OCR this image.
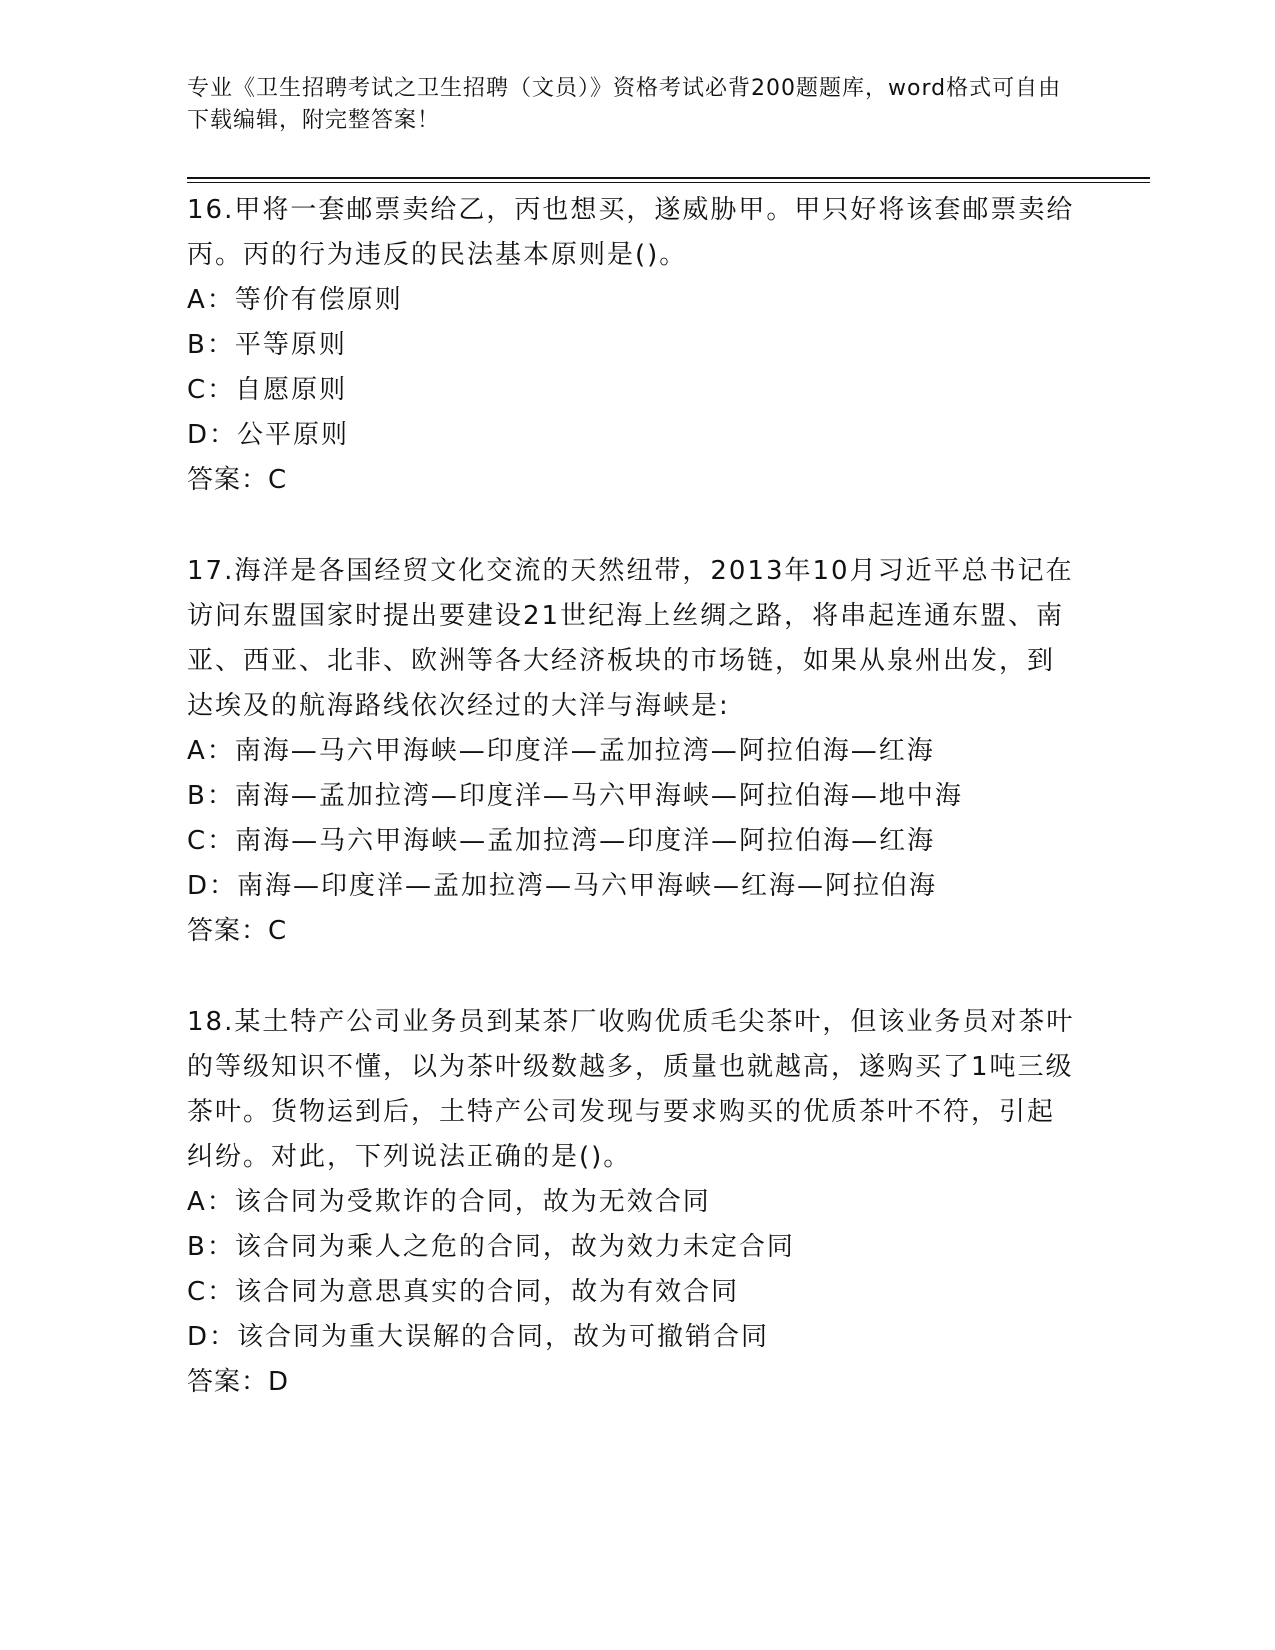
专业《卫生招聘考试之卫生招聘（文员）》资格考试必背200题题库，word格式可自由下载编辑，附完整答案！

16.甲将一套邮票卖给乙，丙也想买，遂威胁甲。甲只好将该套邮票卖给丙。丙的行为违反的民法基本原则是()。

A：等价有偿原则
B：平等原则
C：自愿原则
D：公平原则
答案：C

17.海洋是各国经贸文化交流的天然纽带，2013年10月习近平总书记在访问东盟国家时提出要建设21世纪海上丝绸之路，将串起连通东盟、南亚、西亚、北非、欧洲等各大经济板块的市场链，如果从泉州出发，到达埃及的航海路线依次经过的大洋与海峡是:

A：南海—马六甲海峡—印度洋—孟加拉湾—阿拉伯海—红海
B：南海—孟加拉湾—印度洋—马六甲海峡—阿拉伯海—地中海
C：南海—马六甲海峡—孟加拉湾—印度洋—阿拉伯海—红海
D：南海—印度洋—孟加拉湾—马六甲海峡—红海—阿拉伯海
答案：C

18.某土特产公司业务员到某茶厂收购优质毛尖茶叶，但该业务员对茶叶的等级知识不懂，以为茶叶级数越多，质量也就越高，遂购买了1吨三级茶叶。货物运到后，土特产公司发现与要求购买的优质茶叶不符，引起纠纷。对此，下列说法正确的是()。

A：该合同为受欺诈的合同，故为无效合同
B：该合同为乘人之危的合同，故为效力未定合同
C：该合同为意思真实的合同，故为有效合同
D：该合同为重大误解的合同，故为可撤销合同
答案：D
